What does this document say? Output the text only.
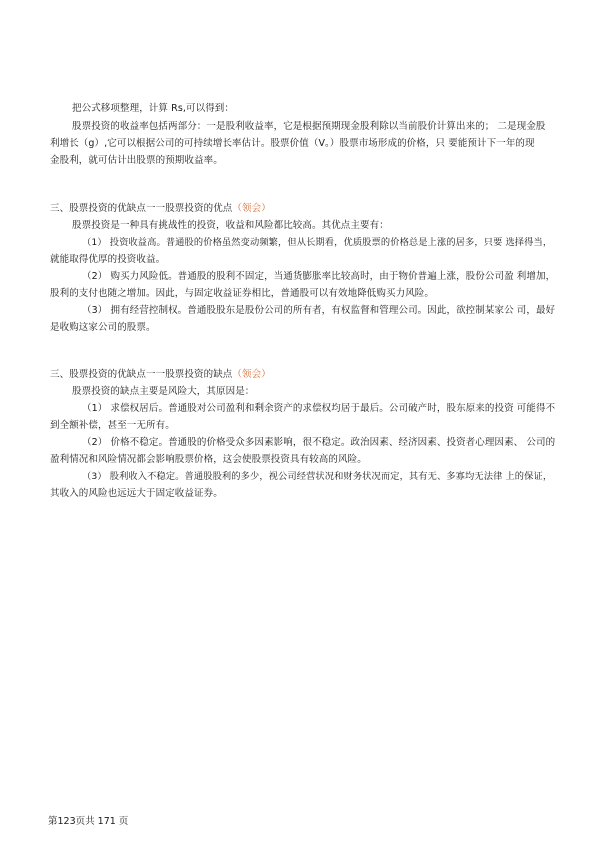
把公式移项整理，计算 Rs,可以得到：
股票投资的收益率包括两部分：一是股利收益率，它是根据预期现金股利除以当前股价计算出来的； 二是现金股
利增长（g）,它可以根据公司的可持续增长率估计。股票价值（V。）股票市场形成的价格，只 要能预计下一年的现
金股利，就可估计出股票的预期收益率。
三、股票投资的优缺点一一股票投资的优点（领会）
股票投资是一种具有挑战性的投资，收益和风险都比较高。其优点主要有：
（1） 投资收益高。普通股的价格虽然变动频繁，但从长期看，优质股票的价格总是上涨的居多，只要 选择得当，
就能取得优厚的投资收益。
（2） 购买力风险低。普通股的股利不固定，当通货膨胀率比较高时，由于物价普遍上涨，股份公司盈 利增加，
股利的支付也随之增加。因此，与固定收益证券相比，普通股可以有效地降低购买力风险。
（3） 拥有经营控制权。普通股股东是股份公司的所有者，有权监督和管理公司。因此，欲控制某家公 司，最好
是收购这家公司的股票。
三、股票投资的优缺点一一股票投资的缺点（领会）
股票投资的缺点主要是风险大，其原因是：
（1） 求偿权居后。普通股对公司盈利和剩余资产的求偿权均居于最后。公司破产时，股东原来的投资 可能得不
到全额补偿，甚至一无所有。
（2） 价格不稳定。普通股的价格受众多因素影响，很不稳定。政治因素、经济因素、投资者心理因素、 公司的
盈利情况和风险情况都会影响股票价格，这会使股票投资具有较高的风险。
（3） 股利收入不稳定。普通股股利的多少，视公司经营状况和财务状况而定，其有无、多寡均无法律 上的保证，
其收入的风险也远远大于固定收益证券。
第123页共 171 页
